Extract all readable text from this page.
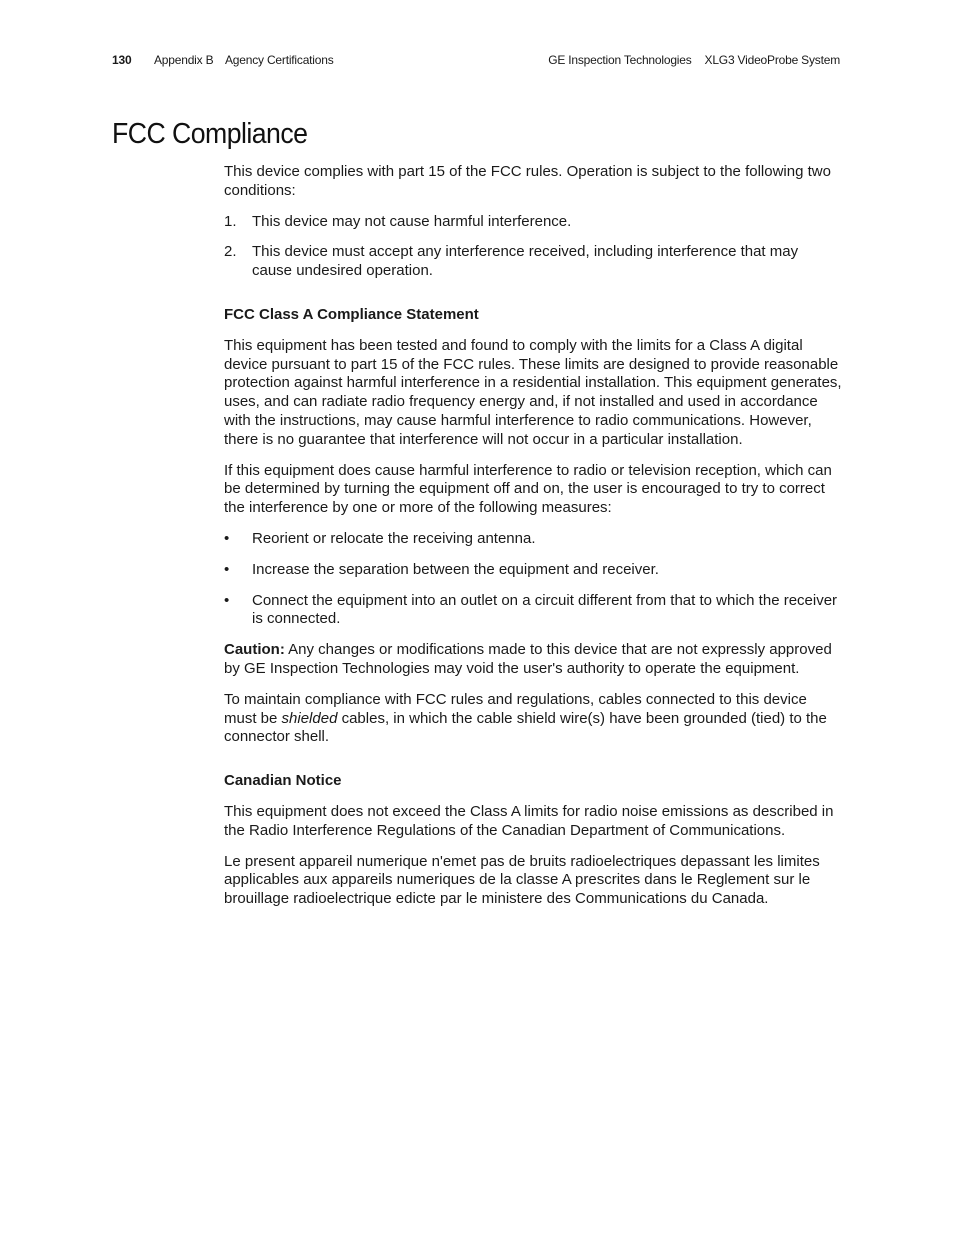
130 Appendix B Agency Certifications	GE Inspection Technologies XLG3 VideoProbe System
FCC Compliance

This device complies with part 15 of the FCC rules. Operation is subject to the following two conditions:

1. This device may not cause harmful interference.
2. This device must accept any interference received, including interference that may cause undesired operation.
FCC Class A Compliance Statement

This equipment has been tested and found to comply with the limits for a Class A digital device pursuant to part 15 of the FCC rules. These limits are designed to provide reasonable protection against harmful interference in a residential installation. This equipment generates, uses, and can radiate radio frequency energy and, if not installed and used in accordance with the instructions, may cause harmful interference to radio communications. However, there is no guarantee that interference will not occur in a particular installation.

If this equipment does cause harmful interference to radio or television reception, which can be determined by turning the equipment off and on, the user is encouraged to try to correct the interference by one or more of the following measures:

• Reorient or relocate the receiving antenna.
• Increase the separation between the equipment and receiver.
• Connect the equipment into an outlet on a circuit different from that to which the receiver is connected.

Caution: Any changes or modifications made to this device that are not expressly approved by GE Inspection Technologies may void the user's authority to operate the equipment.

To maintain compliance with FCC rules and regulations, cables connected to this device must be shielded cables, in which the cable shield wire(s) have been grounded (tied) to the connector shell.

Canadian Notice

This equipment does not exceed the Class A limits for radio noise emissions as described in the Radio Interference Regulations of the Canadian Department of Communications.

Le present appareil numerique n'emet pas de bruits radioelectriques depassant les limites applicables aux appareils numeriques de la classe A prescrites dans le Reglement sur le brouillage radioelectrique edicte par le ministere des Communications du Canada.
